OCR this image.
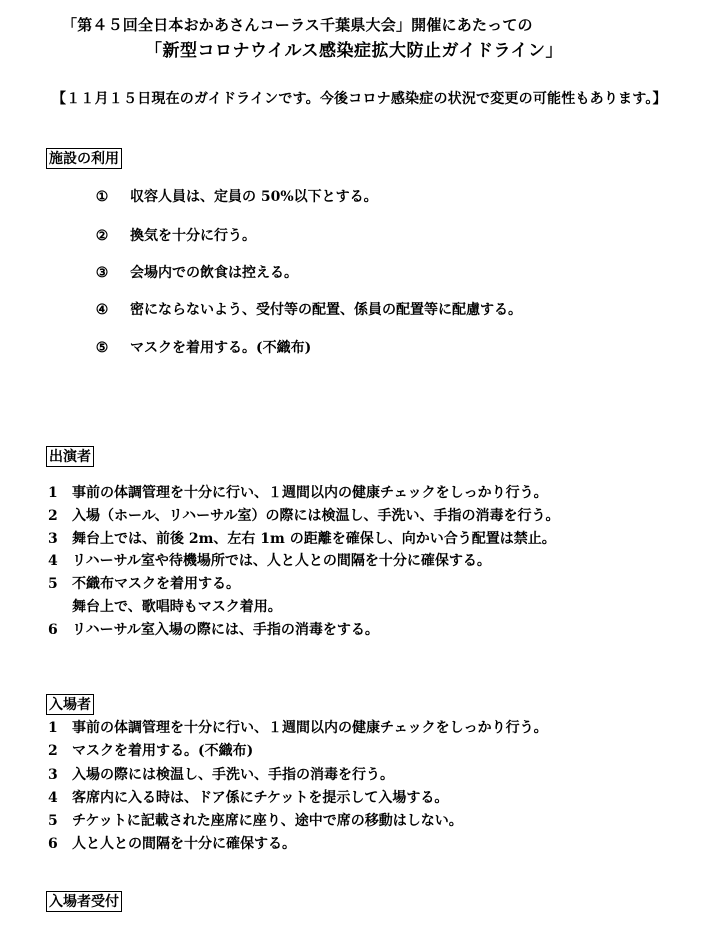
「第４５回全日本おかあさんコーラス千葉県大会」開催にあたっての
「新型コロナウイルス感染症拡大防止ガイドライン」
【１１月１５日現在のガイドラインです。今後コロナ感染症の状況で変更の可能性もあります。】
施設の利用
① 収容人員は、定員の 50%以下とする。
② 換気を十分に行う。
③ 会場内での飲食は控える。
④ 密にならないよう、受付等の配置、係員の配置等に配慮する。
⑤ マスクを着用する。(不織布)
出演者
1 事前の体調管理を十分に行い、１週間以内の健康チェックをしっかり行う。
2 入場（ホール、リハーサル室）の際には検温し、手洗い、手指の消毒を行う。
3 舞台上では、前後 2m、左右 1m の距離を確保し、向かい合う配置は禁止。
4 リハーサル室や待機場所では、人と人との間隔を十分に確保する。
5 不織布マスクを着用する。
舞台上で、歌唱時もマスク着用。
6 リハーサル室入場の際には、手指の消毒をする。
入場者
1 事前の体調管理を十分に行い、１週間以内の健康チェックをしっかり行う。
2 マスクを着用する。(不織布)
3 入場の際には検温し、手洗い、手指の消毒を行う。
4 客席内に入る時は、ドア係にチケットを提示して入場する。
5 チケットに記載された座席に座り、途中で席の移動はしない。
6 人と人との間隔を十分に確保する。
入場者受付
